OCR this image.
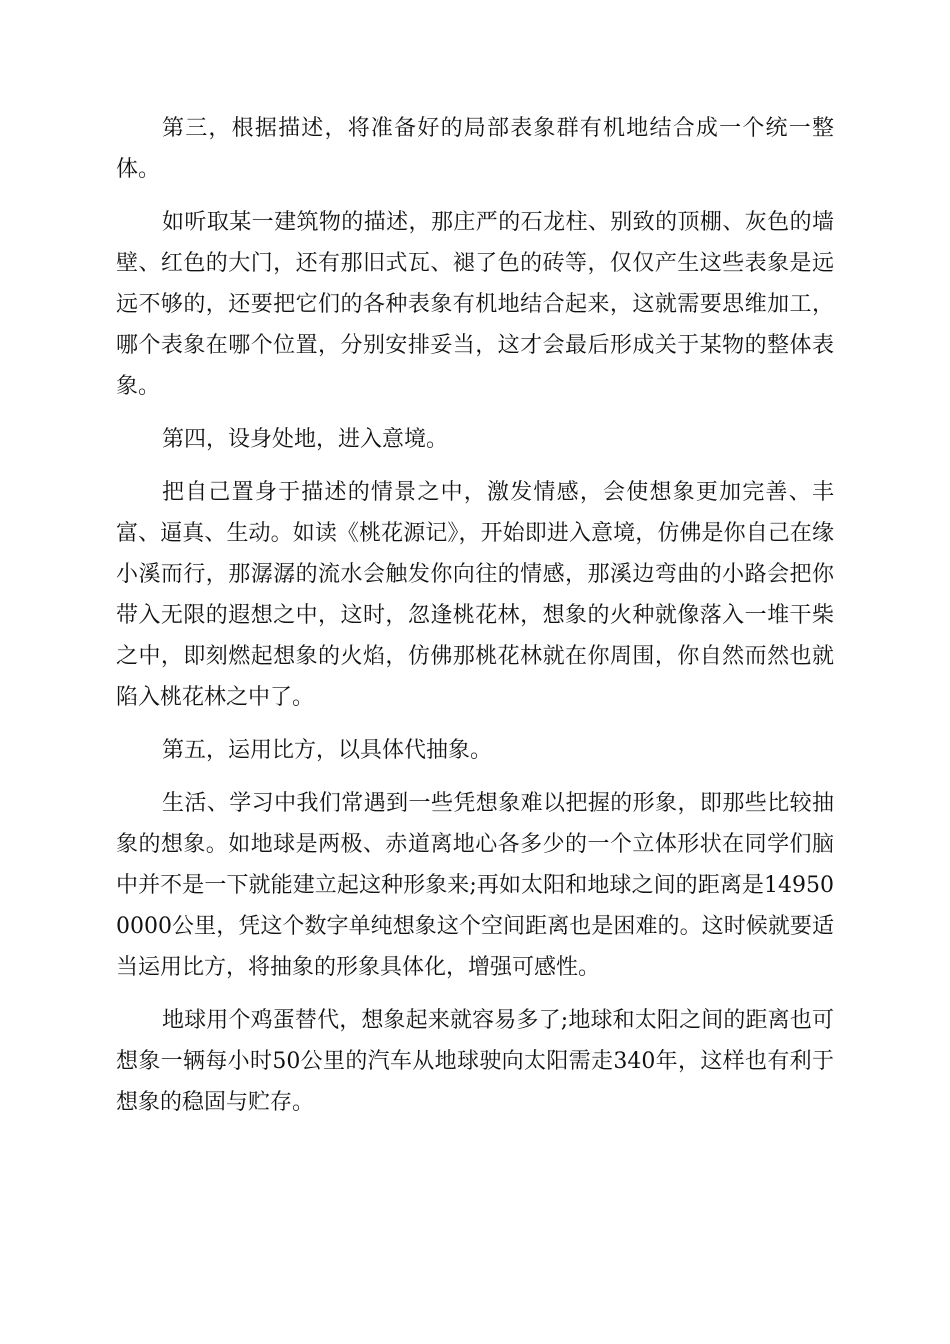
第三，根据描述，将准备好的局部表象群有机地结合成一个统一整体。

如听取某一建筑物的描述，那庄严的石龙柱、别致的顶棚、灰色的墙壁、红色的大门，还有那旧式瓦、褪了色的砖等，仅仅产生这些表象是远远不够的，还要把它们的各种表象有机地结合起来，这就需要思维加工，哪个表象在哪个位置，分别安排妥当，这才会最后形成关于某物的整体表象。

第四，设身处地，进入意境。

把自己置身于描述的情景之中，激发情感，会使想象更加完善、丰富、逼真、生动。如读《桃花源记》，开始即进入意境，仿佛是你自己在缘小溪而行，那潺潺的流水会触发你向往的情感，那溪边弯曲的小路会把你带入无限的遐想之中，这时，忽逢桃花林，想象的火种就像落入一堆干柴之中，即刻燃起想象的火焰，仿佛那桃花林就在你周围，你自然而然也就陷入桃花林之中了。

第五，运用比方，以具体代抽象。

生活、学习中我们常遇到一些凭想象难以把握的形象，即那些比较抽象的想象。如地球是两极、赤道离地心各多少的一个立体形状在同学们脑中并不是一下就能建立起这种形象来;再如太阳和地球之间的距离是149500000公里，凭这个数字单纯想象这个空间距离也是困难的。这时候就要适当运用比方，将抽象的形象具体化，增强可感性。

地球用个鸡蛋替代，想象起来就容易多了;地球和太阳之间的距离也可想象一辆每小时50公里的汽车从地球驶向太阳需走340年，这样也有利于想象的稳固与贮存。
